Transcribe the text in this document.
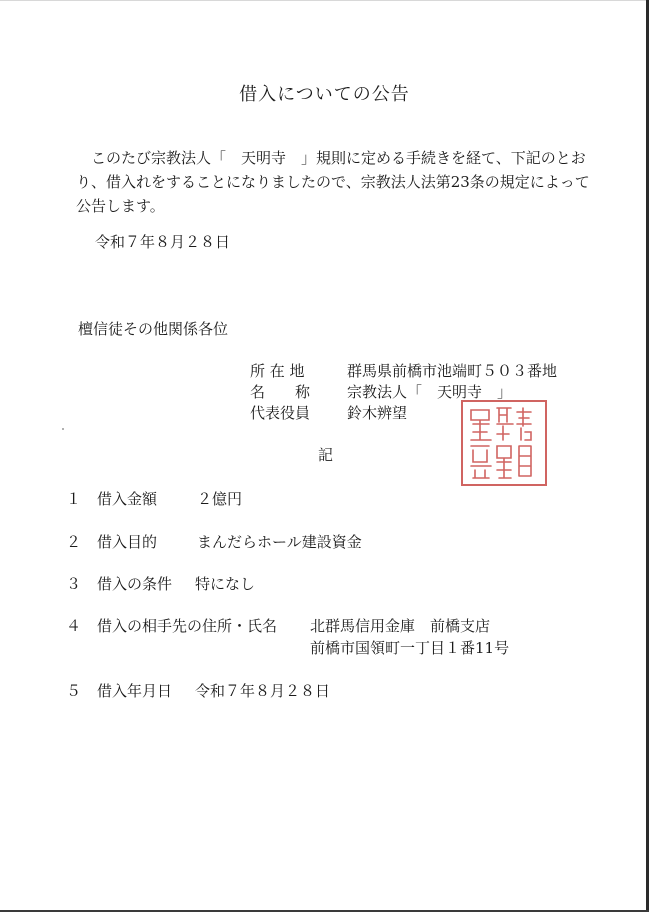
借入についての公告
　このたび宗教法人「　天明寺　」規則に定める手続きを経て、下記のとおり、借入れをすることになりましたので、宗教法人法第23条の規定によって公告します。
令和７年８月２８日
檀信徒その他関係各位
所 在 地	群馬県前橋市池端町５０３番地
名　　称 宗教法人「　天明寺　」
代表役員 鈴木辨望
記
１ 借入金額	２億円
２ 借入目的	まんだらホール建設資金
３ 借入の条件 特になし
４ 借入の相手先の住所・氏名 北群馬信用金庫　前橋支店
前橋市国領町一丁目１番11号
５ 借入年月日 令和７年８月２８日
